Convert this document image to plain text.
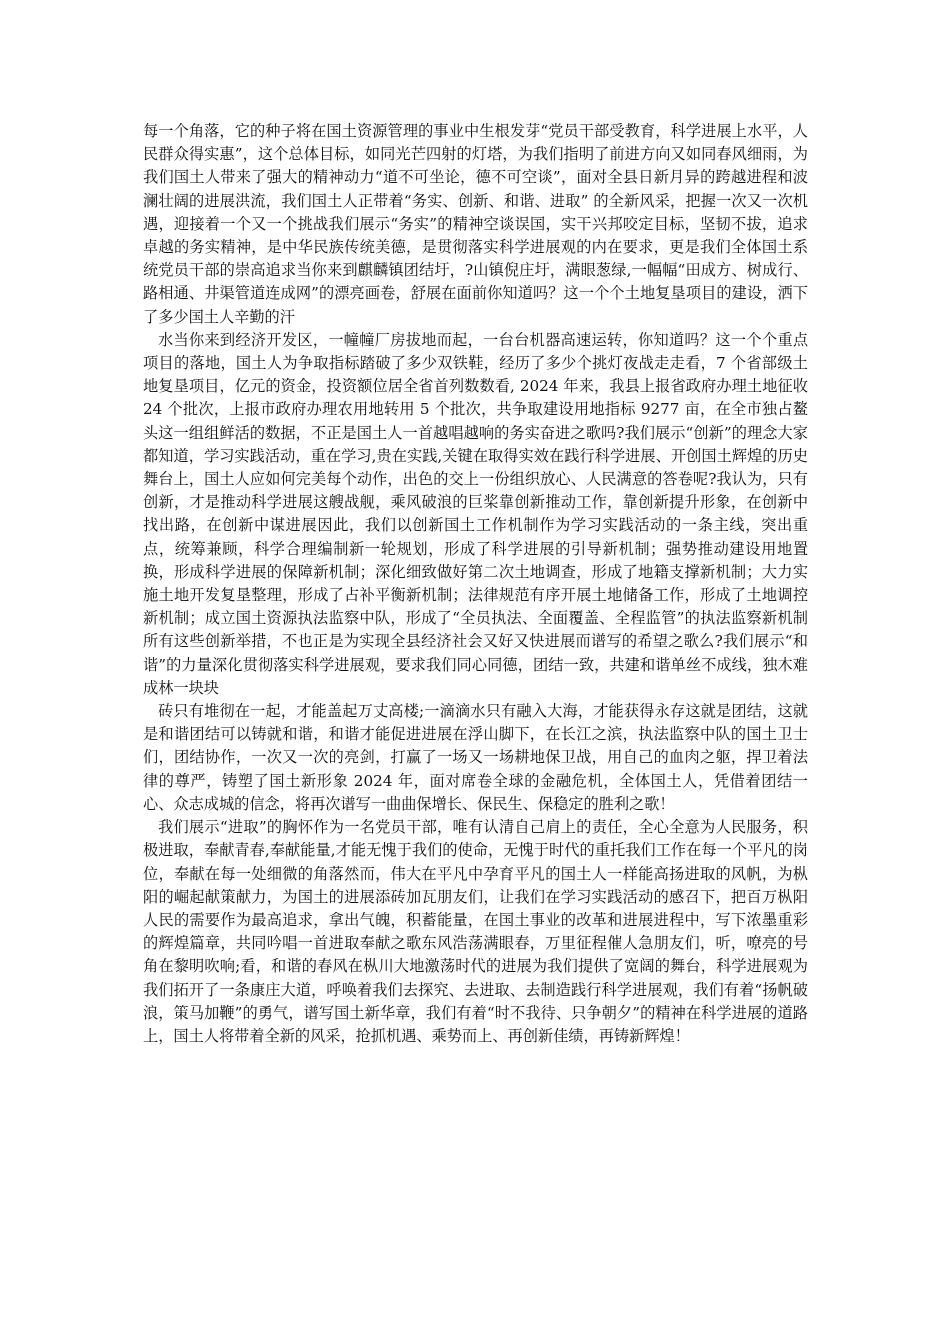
每一个角落，它的种子将在国土资源管理的事业中生根发芽“党员干部受教育，科学进展上水平，人民群众得实惠”，这个总体目标，如同光芒四射的灯塔，为我们指明了前进方向又如同春风细雨，为我们国土人带来了强大的精神动力“道不可坐论，德不可空谈”，面对全县日新月异的跨越进程和波澜壮阔的进展洪流，我们国土人正带着“务实、创新、和谐、进取” 的全新风采，把握一次又一次机遇，迎接着一个又一个挑战我们展示“务实”的精神空谈误国，实干兴邦咬定目标，坚韧不拔，追求卓越的务实精神，是中华民族传统美德，是贯彻落实科学进展观的内在要求，更是我们全体国土系统党员干部的崇高追求当你来到麒麟镇团结圩，?山镇倪庄圩，满眼葱绿,一幅幅“田成方、树成行、路相通、井渠管道连成网”的漂亮画卷，舒展在面前你知道吗？这一个个土地复垦项目的建设，洒下了多少国土人辛勤的汗

水当你来到经济开发区，一幢幢厂房拔地而起，一台台机器高速运转，你知道吗？这一个个重点项目的落地，国土人为争取指标踏破了多少双铁鞋，经历了多少个挑灯夜战走走看，7 个省部级土地复垦项目，亿元的资金，投资额位居全省首列数数看, 2024 年来，我县上报省政府办理土地征收 24 个批次，上报市政府办理农用地转用 5 个批次，共争取建设用地指标 9277 亩，在全市独占鳌头这一组组鲜活的数据，不正是国土人一首越唱越响的务实奋进之歌吗?我们展示“创新”的理念大家都知道，学习实践活动，重在学习,贵在实践,关键在取得实效在践行科学进展、开创国土辉煌的历史舞台上，国土人应如何完美每个动作，出色的交上一份组织放心、人民满意的答卷呢?我认为，只有创新，才是推动科学进展这艘战舰，乘风破浪的巨桨靠创新推动工作，靠创新提升形象，在创新中找出路，在创新中谋进展因此，我们以创新国土工作机制作为学习实践活动的一条主线，突出重点，统筹兼顾，科学合理编制新一轮规划，形成了科学进展的引导新机制；强势推动建设用地置换，形成科学进展的保障新机制；深化细致做好第二次土地调查，形成了地籍支撑新机制；大力实施土地开发复垦整理，形成了占补平衡新机制；法律规范有序开展土地储备工作，形成了土地调控新机制；成立国土资源执法监察中队，形成了“全员执法、全面覆盖、全程监管”的执法监察新机制所有这些创新举措，不也正是为实现全县经济社会又好又快进展而谱写的希望之歌么?我们展示“和谐”的力量深化贯彻落实科学进展观，要求我们同心同德，团结一致，共建和谐单丝不成线，独木难成林一块块

砖只有堆彻在一起，才能盖起万丈高楼;一滴滴水只有融入大海，才能获得永存这就是团结，这就是和谐团结可以铸就和谐，和谐才能促进进展在浮山脚下，在长江之滨，执法监察中队的国土卫士们，团结协作，一次又一次的亮剑，打赢了一场又一场耕地保卫战，用自己的血肉之躯，捍卫着法律的尊严，铸塑了国土新形象 2024 年，面对席卷全球的金融危机，全体国土人，凭借着团结一心、众志成城的信念，将再次谱写一曲曲保增长、保民生、保稳定的胜利之歌！

我们展示“进取”的胸怀作为一名党员干部，唯有认清自己肩上的责任，全心全意为人民服务，积极进取，奉献青春,奉献能量,才能无愧于我们的使命，无愧于时代的重托我们工作在每一个平凡的岗位，奉献在每一处细微的角落然而，伟大在平凡中孕育平凡的国土人一样能高扬进取的风帆，为枞阳的崛起献策献力，为国土的进展添砖加瓦朋友们，让我们在学习实践活动的感召下，把百万枞阳人民的需要作为最高追求，拿出气魄，积蓄能量，在国土事业的改革和进展进程中，写下浓墨重彩的辉煌篇章，共同吟唱一首进取奉献之歌东风浩荡满眼春，万里征程催人急朋友们，听，嘹亮的号角在黎明吹响;看，和谐的春风在枞川大地激荡时代的进展为我们提供了宽阔的舞台，科学进展观为我们拓开了一条康庄大道，呼唤着我们去探究、去进取、去制造践行科学进展观，我们有着“扬帆破浪，策马加鞭”的勇气，谱写国土新华章，我们有着“时不我待、只争朝夕”的精神在科学进展的道路上，国土人将带着全新的风采，抢抓机遇、乘势而上、再创新佳绩，再铸新辉煌！
